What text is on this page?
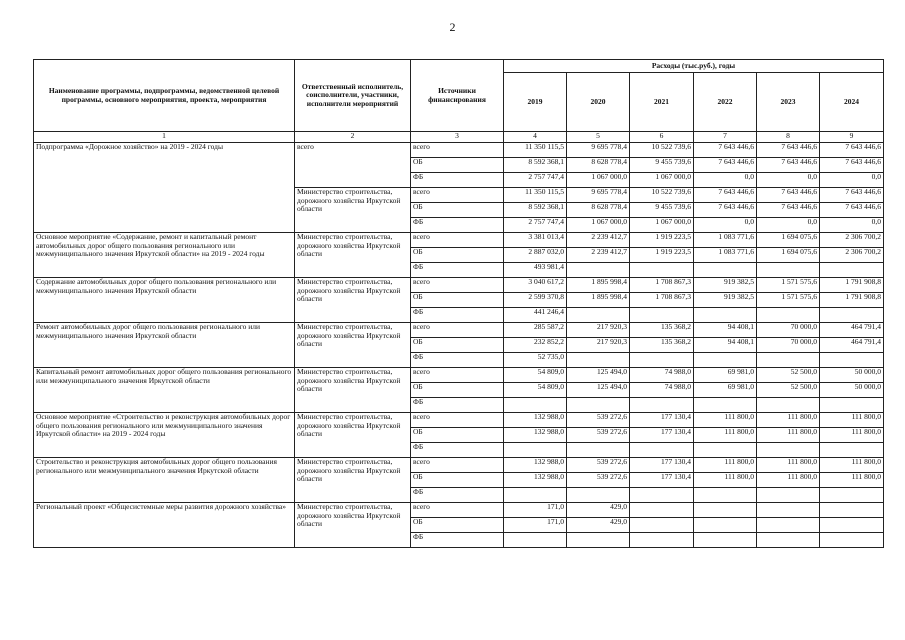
2
Наименование программы, подпрограммы, ведомственной целевой программы, основного мероприятия, проекта, мероприятия	Ответственный исполнитель, соисполнители, участники, исполнители мероприятий	Источники финансирования	Расходы (тыс.руб.), годы					
			2019	2020	2021	2022	2023	2024
1	2	3	4	5	6	7	8	9
Подпрограмма «Дорожное хозяйство» на 2019 - 2024 годы	всего	всего	11 350 115,5	9 695 778,4	10 522 739,6	7 643 446,6	7 643 446,6	7 643 446,6
		ОБ	8 592 368,1	8 628 778,4	9 455 739,6	7 643 446,6	7 643 446,6	7 643 446,6
		ФБ	2 757 747,4	1 067 000,0	1 067 000,0	0,0	0,0	0,0
	Министерство строительства, дорожного хозяйства Иркутской области	всего	11 350 115,5	9 695 778,4	10 522 739,6	7 643 446,6	7 643 446,6	7 643 446,6
		ОБ	8 592 368,1	8 628 778,4	9 455 739,6	7 643 446,6	7 643 446,6	7 643 446,6
		ФБ	2 757 747,4	1 067 000,0	1 067 000,0	0,0	0,0	0,0
Основное мероприятие «Содержание, ремонт и капитальный ремонт автомобильных дорог общего пользования регионального или межмуниципального значения Иркутской области» на 2019 - 2024 годы	Министерство строительства, дорожного хозяйства Иркутской области	всего	3 381 013,4	2 239 412,7	1 919 223,5	1 083 771,6	1 694 075,6	2 306 700,2
		ОБ	2 887 032,0	2 239 412,7	1 919 223,5	1 083 771,6	1 694 075,6	2 306 700,2
		ФБ	493 981,4					
Содержание автомобильных дорог общего пользования регионального или межмуниципального значения Иркутской области	Министерство строительства, дорожного хозяйства Иркутской области	всего	3 040 617,2	1 895 998,4	1 708 867,3	919 382,5	1 571 575,6	1 791 908,8
		ОБ	2 599 370,8	1 895 998,4	1 708 867,3	919 382,5	1 571 575,6	1 791 908,8
		ФБ	441 246,4					
Ремонт автомобильных дорог общего пользования регионального или межмуниципального значения Иркутской области	Министерство строительства, дорожного хозяйства Иркутской области	всего	285 587,2	217 920,3	135 368,2	94 408,1	70 000,0	464 791,4
		ОБ	232 852,2	217 920,3	135 368,2	94 408,1	70 000,0	464 791,4
		ФБ	52 735,0					
Капитальный ремонт автомобильных дорог общего пользования регионального или межмуниципального значения Иркутской области	Министерство строительства, дорожного хозяйства Иркутской области	всего	54 809,0	125 494,0	74 988,0	69 981,0	52 500,0	50 000,0
		ОБ	54 809,0	125 494,0	74 988,0	69 981,0	52 500,0	50 000,0
		ФБ						
Основное мероприятие «Строительство и реконструкция автомобильных дорог общего пользования регионального или межмуниципального значения Иркутской области» на 2019 - 2024 годы	Министерство строительства, дорожного хозяйства Иркутской области	всего	132 988,0	539 272,6	177 130,4	111 800,0	111 800,0	111 800,0
		ОБ	132 988,0	539 272,6	177 130,4	111 800,0	111 800,0	111 800,0
		ФБ						
Строительство и реконструкция автомобильных дорог общего пользования регионального или межмуниципального значения Иркутской области	Министерство строительства, дорожного хозяйства Иркутской области	всего	132 988,0	539 272,6	177 130,4	111 800,0	111 800,0	111 800,0
		ОБ	132 988,0	539 272,6	177 130,4	111 800,0	111 800,0	111 800,0
		ФБ						
Региональный проект «Общесистемные меры развития дорожного хозяйства»	Министерство строительства, дорожного хозяйства Иркутской области	всего	171,0	429,0				
		ОБ	171,0	429,0				
		ФБ						
